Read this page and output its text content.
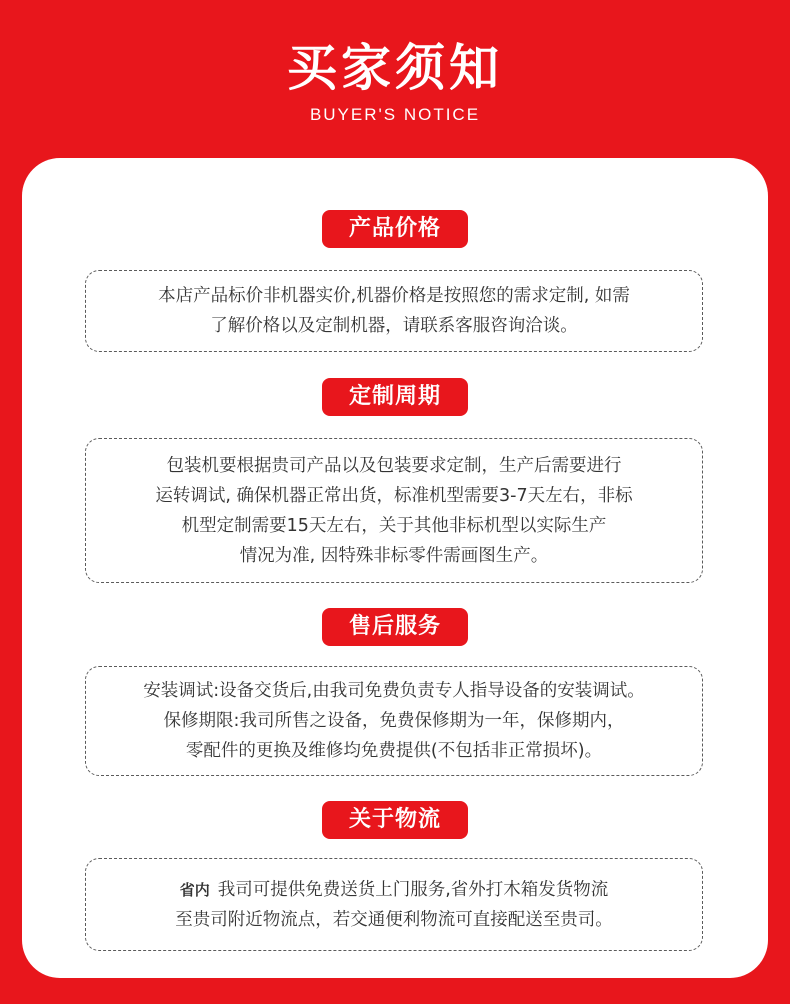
买家须知
BUYER'S NOTICE
产品价格
本店产品标价非机器实价,机器价格是按照您的需求定制, 如需
了解价格以及定制机器，请联系客服咨询洽谈。
定制周期
包装机要根据贵司产品以及包装要求定制，生产后需要进行
运转调试, 确保机器正常出货，标准机型需要3-7天左右，非标
机型定制需要15天左右，关于其他非标机型以实际生产
情况为准, 因特殊非标零件需画图生产。
售后服务
安装调试:设备交货后,由我司免费负责专人指导设备的安装调试。
保修期限:我司所售之设备，免费保修期为一年，保修期内，
零配件的更换及维修均免费提供(不包括非正常损坏)。
关于物流
省内 我司可提供免费送货上门服务,省外打木箱发货物流
至贵司附近物流点，若交通便利物流可直接配送至贵司。
